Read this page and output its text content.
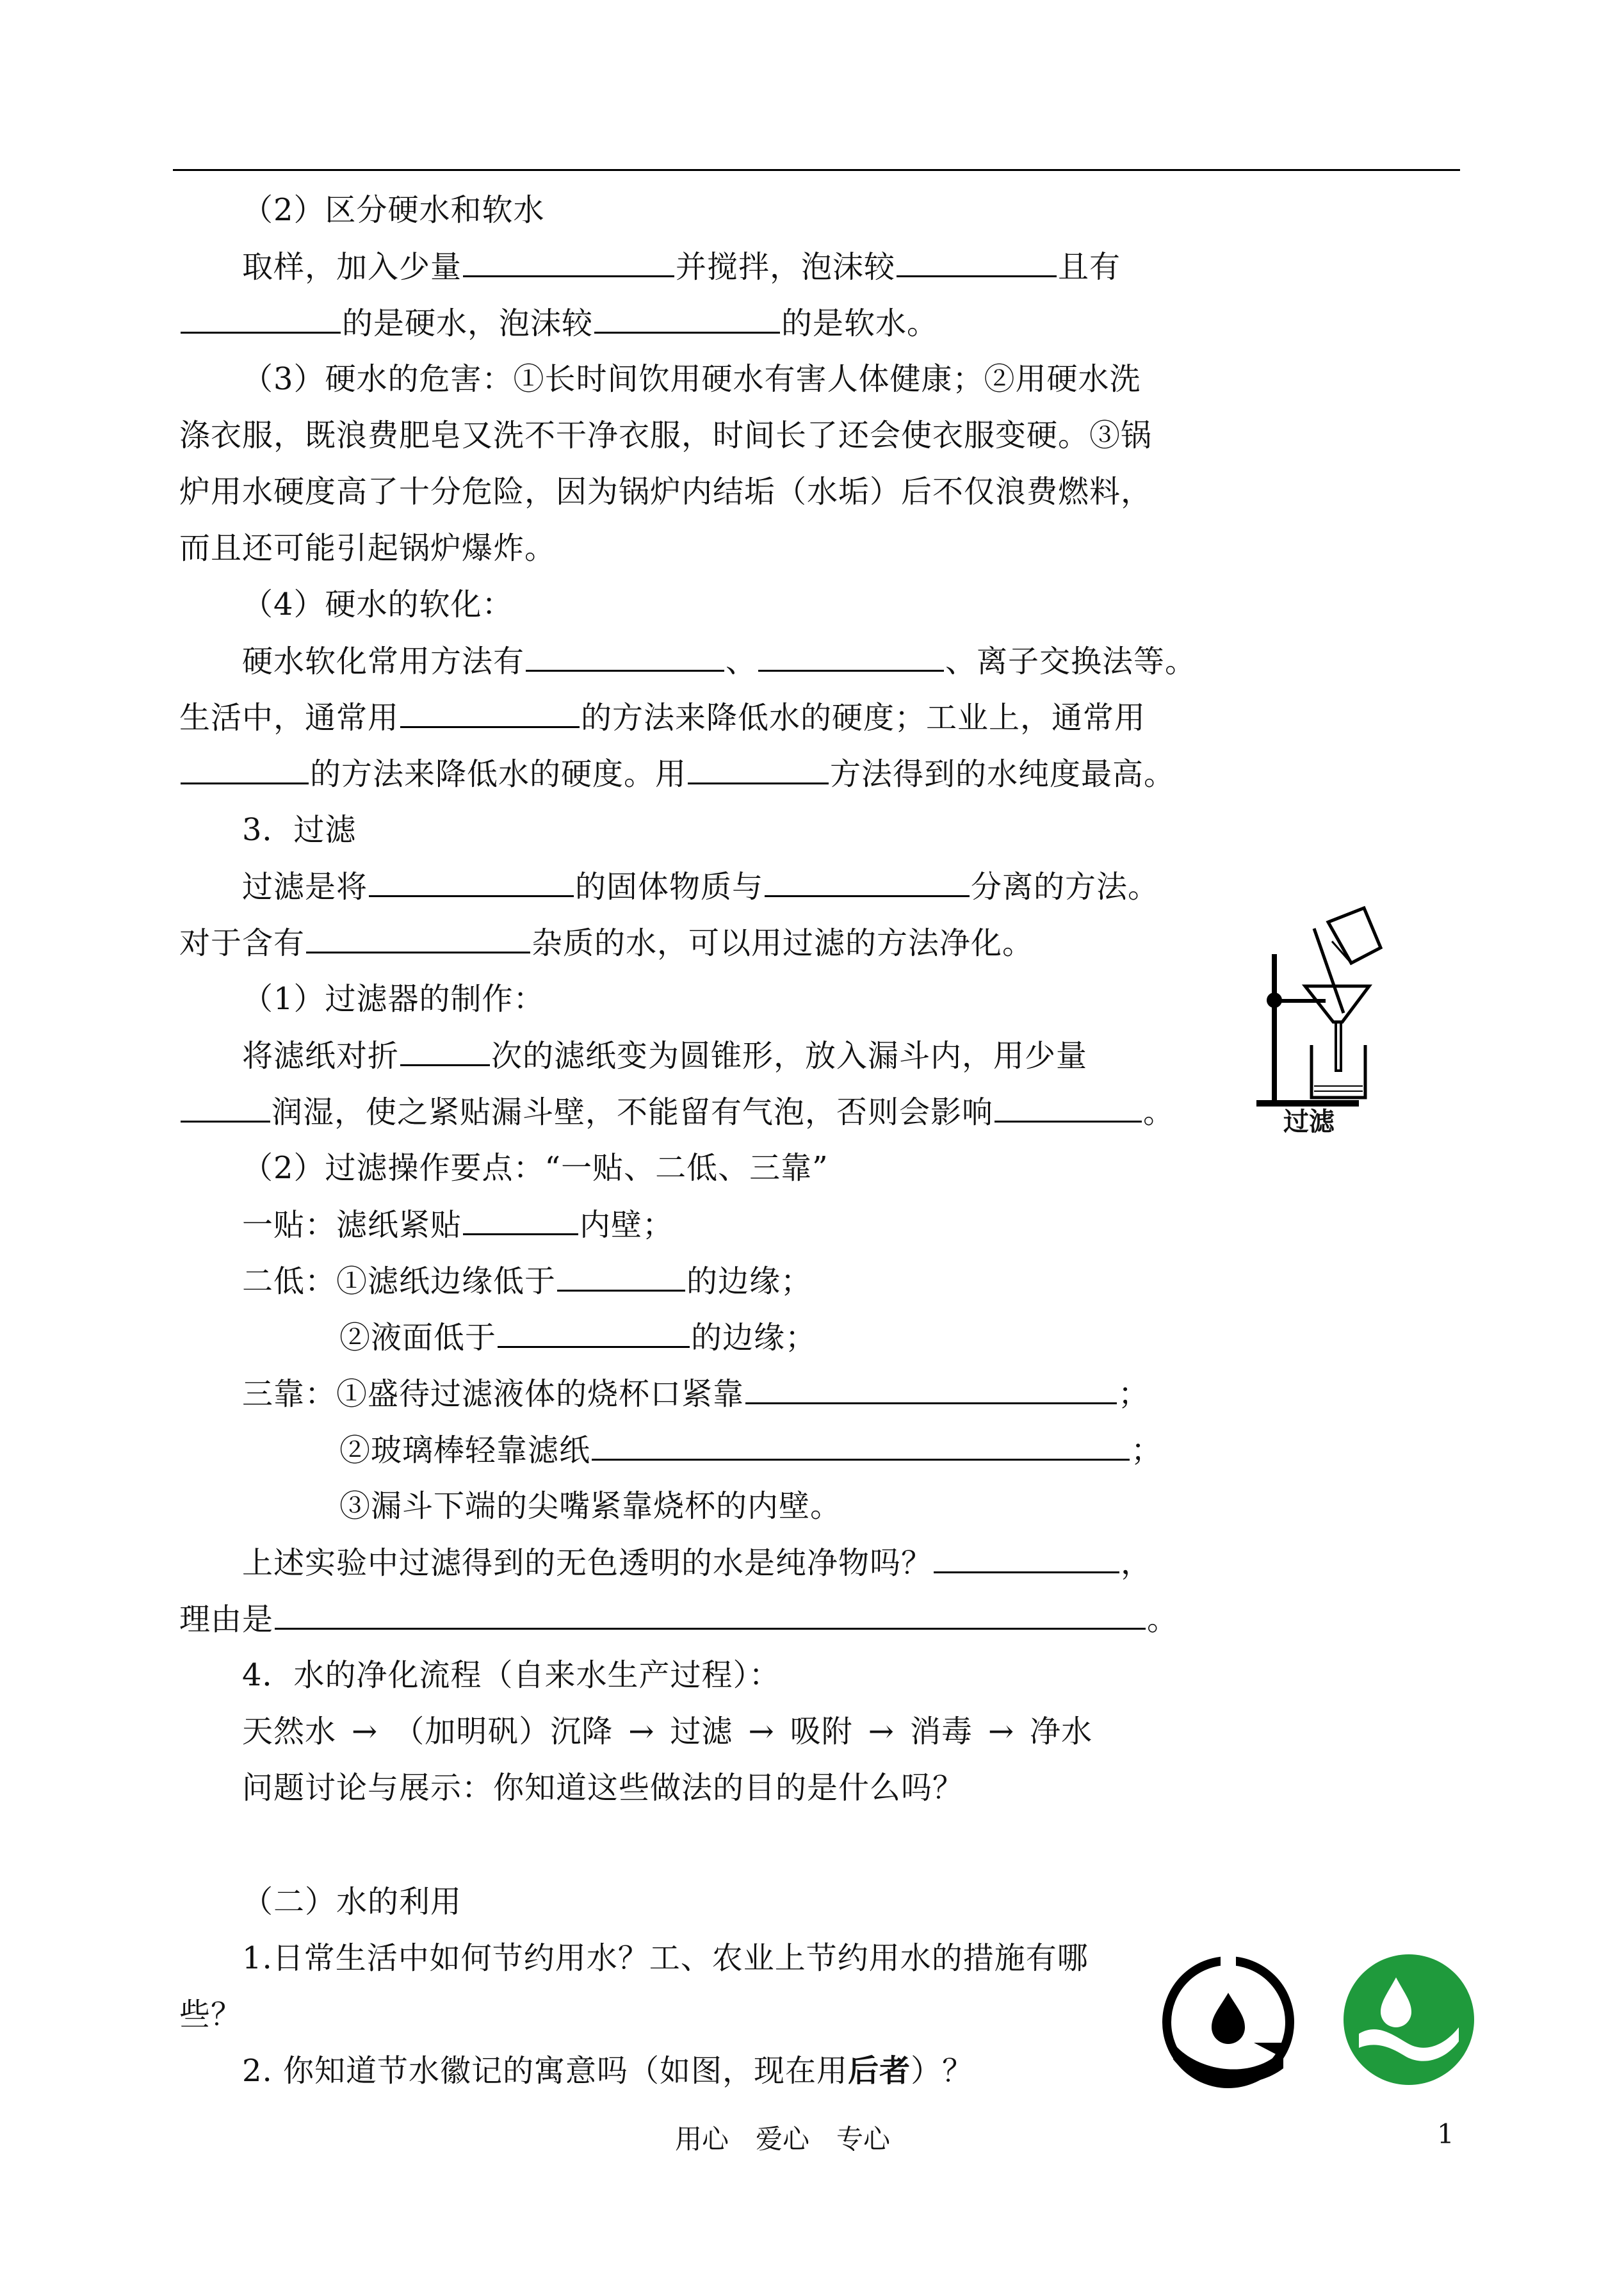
（2）区分硬水和软水
取样，加入少量	并搅拌，泡沫较	且有
的是硬水，泡沫较	的是软水。
（3）硬水的危害：①长时间饮用硬水有害人体健康；②用硬水洗
涤衣服，既浪费肥皂又洗不干净衣服，时间长了还会使衣服变硬。③锅
炉用水硬度高了十分危险，因为锅炉内结垢（水垢）后不仅浪费燃料，
而且还可能引起锅炉爆炸。
（4）硬水的软化：
硬水软化常用方法有	、	、离子交换法等。
生活中，通常用	的方法来降低水的硬度；工业上，通常用
的方法来降低水的硬度。用	方法得到的水纯度最高。
3．过滤
过滤是将	的固体物质与	分离的方法。
对于含有	杂质的水，可以用过滤的方法净化。
（1）过滤器的制作：
将滤纸对折	次的滤纸变为圆锥形，放入漏斗内，用少量
润湿，使之紧贴漏斗壁，不能留有气泡，否则会影响	。	过滤
（2）过滤操作要点：“一贴、二低、三靠”
一贴：滤纸紧贴	内壁；
二低：①滤纸边缘低于	的边缘；
②液面低于	的边缘；
三靠：①盛待过滤液体的烧杯口紧靠	；
②玻璃棒轻靠滤纸	；
③漏斗下端的尖嘴紧靠烧杯的内壁。
上述实验中过滤得到的无色透明的水是纯净物吗？	，
理由是	。
4．水的净化流程（自来水生产过程）：
天然水 → （加明矾）沉降 → 过滤 → 吸附 → 消毒 → 净水
问题讨论与展示：你知道这些做法的目的是什么吗？
（二）水的利用
1.日常生活中如何节约用水？工、农业上节约用水的措施有哪
些？
2. 你知道节水徽记的寓意吗（如图，现在用后者）？
用心　爱心　专心	1
